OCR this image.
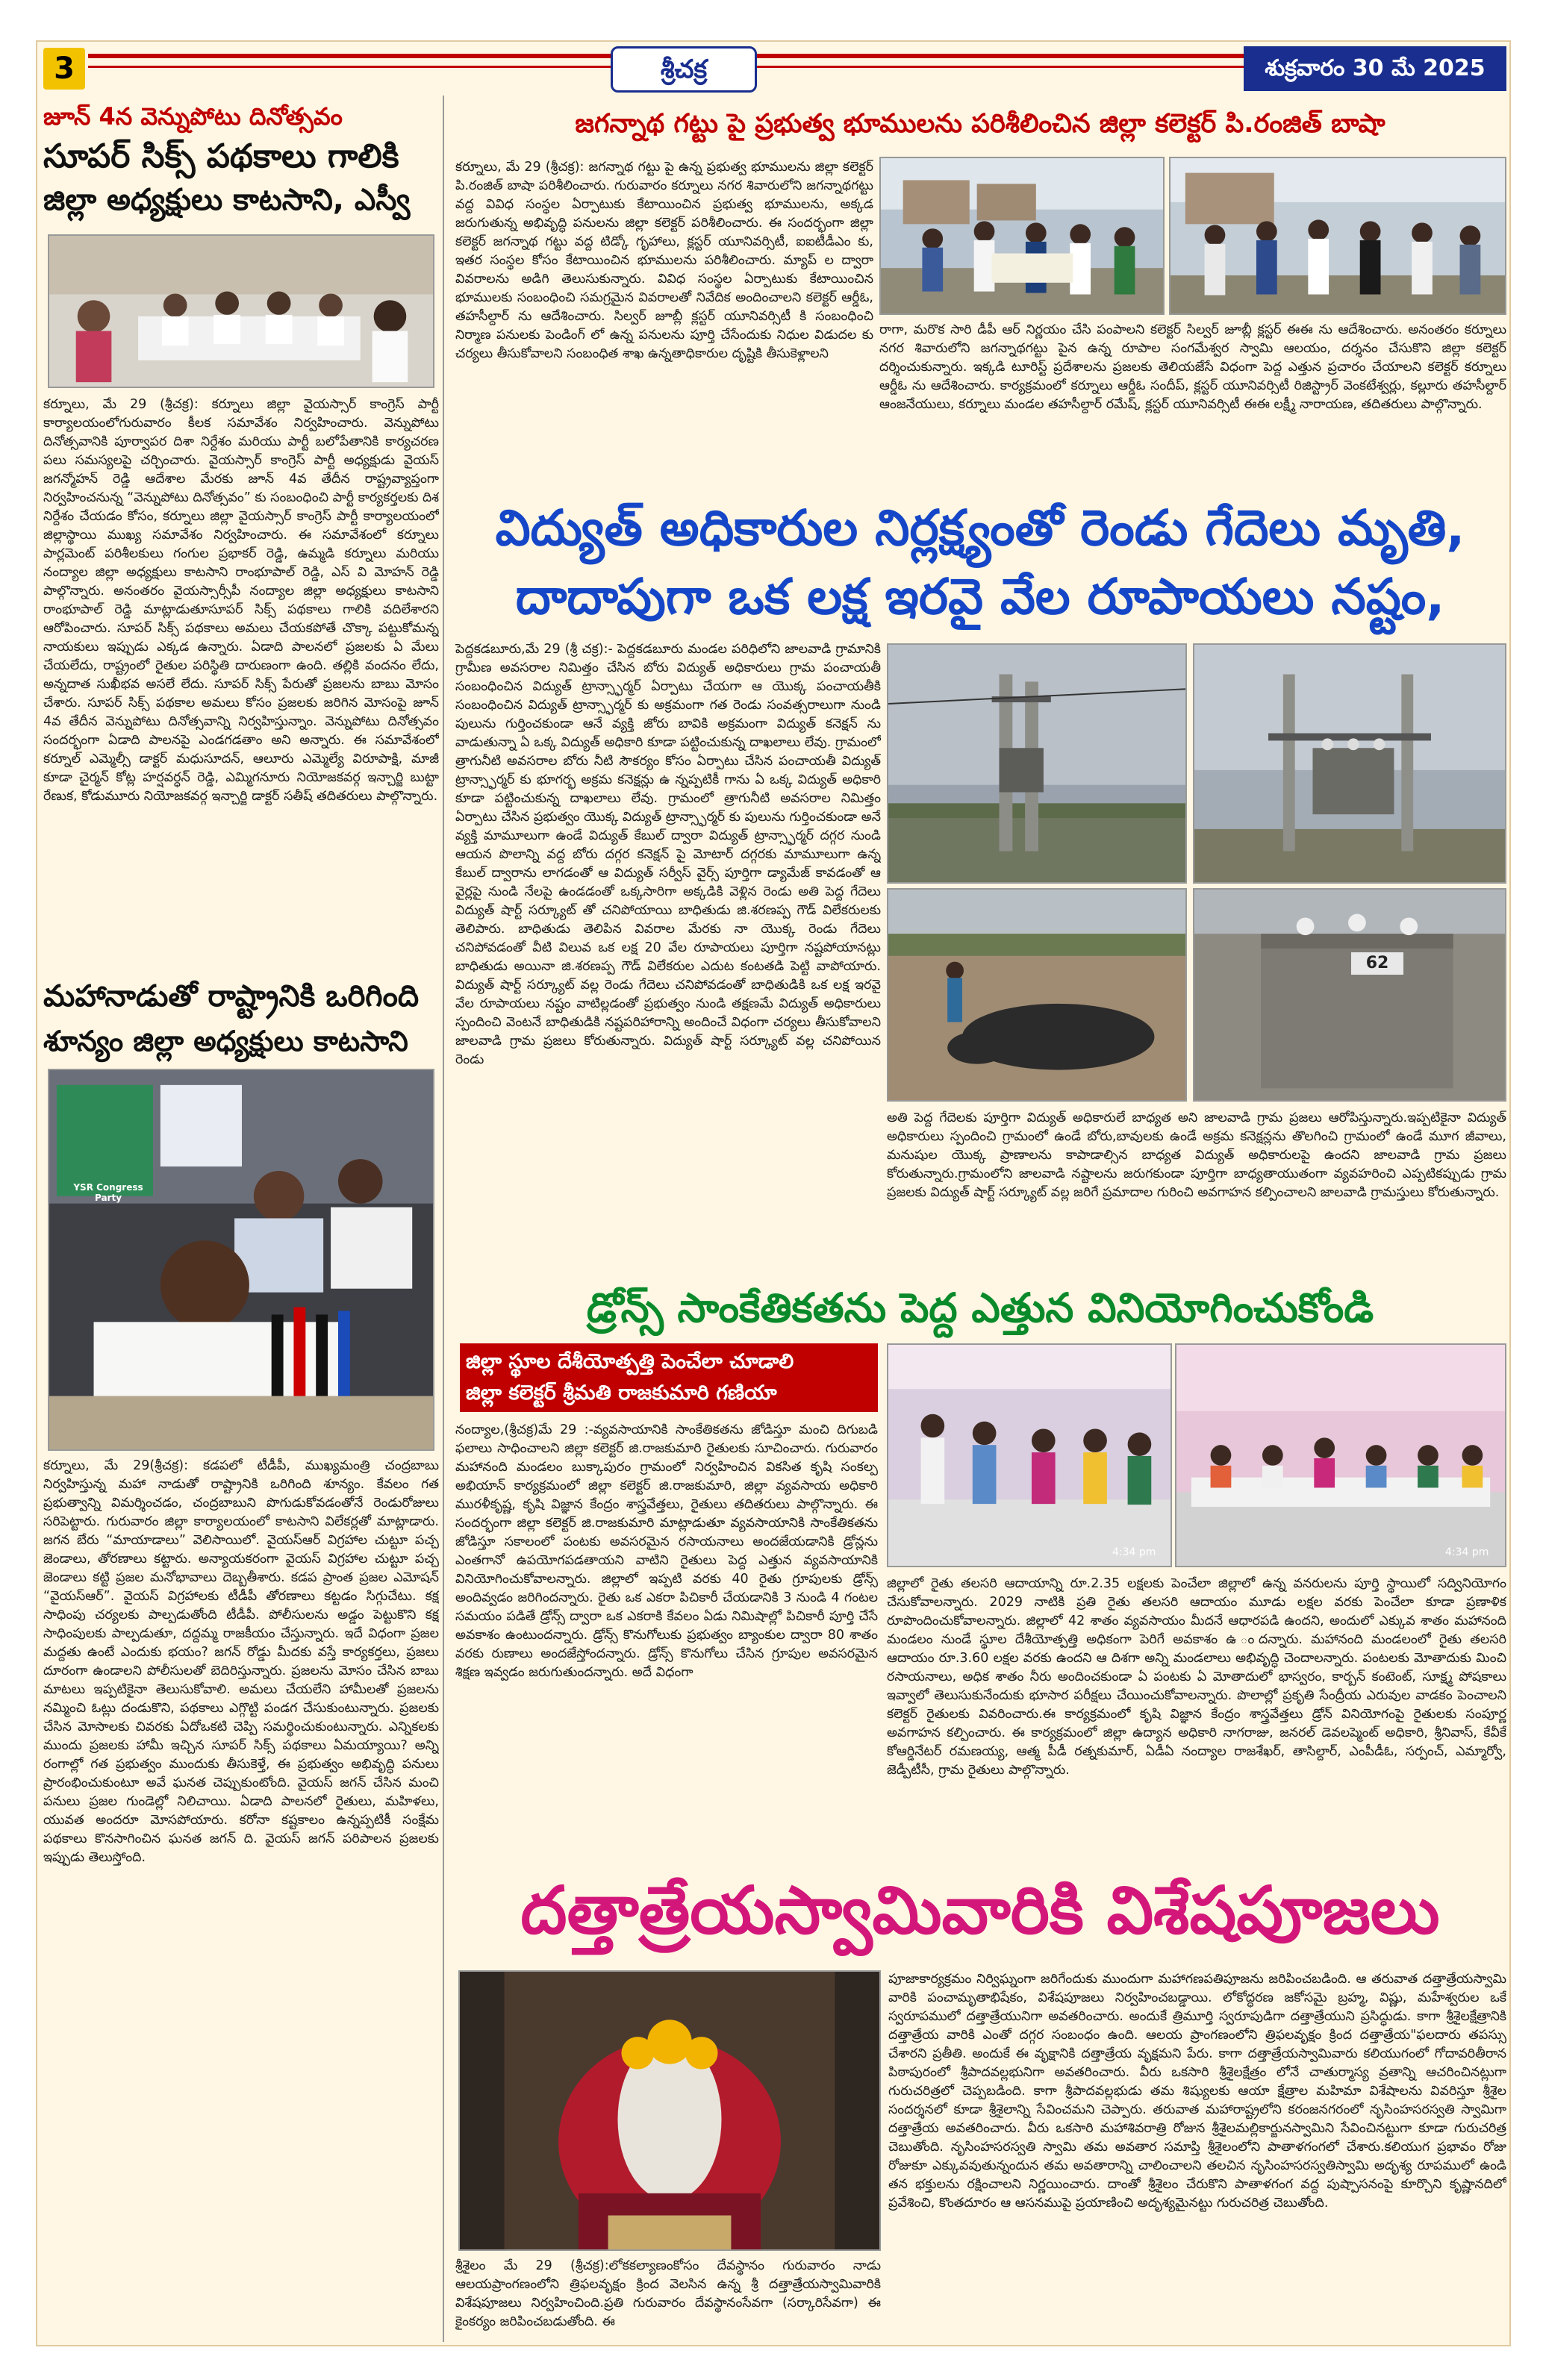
3	శ్రీచక్ర	శుక్రవారం 30 మే 2025
జూన్ 4న వెన్నుపోటు దినోత్సవం
సూపర్ సిక్స్ పథకాలు గాలికి
జిల్లా అధ్యక్షులు కాటసాని, ఎస్వీ
కర్నూలు, మే 29 (శ్రీచక్ర): కర్నూలు జిల్లా వైయస్సార్ కాంగ్రెస్ పార్టీ కార్యాలయంలోగురువారం కీలక సమావేశం నిర్వహించారు. వెన్నుపోటు దినోత్సవానికి పూర్వాపర దిశా నిర్దేశం మరియు పార్టీ బలోపేతానికి కార్యచరణ పలు సమస్యలపై చర్చించారు. వైయస్సార్ కాంగ్రెస్ పార్టీ అధ్యక్షుడు వైయస్ జగన్మోహన్ రెడ్డి ఆదేశాల మేరకు జూన్ 4వ తేదీన రాష్ట్రవ్యాప్తంగా నిర్వహించనున్న “వెన్నుపోటు దినోత్సవం” కు సంబంధించి పార్టీ కార్యకర్తలకు దిశ నిర్దేశం చేయడం కోసం, కర్నూలు జిల్లా వైయస్సార్ కాంగ్రెస్ పార్టీ కార్యాలయంలో జిల్లాస్థాయి ముఖ్య సమావేశం నిర్వహించారు. ఈ సమావేశంలో కర్నూలు పార్లమెంట్ పరిశీలకులు గంగుల ప్రభాకర్ రెడ్డి, ఉమ్మడి కర్నూలు మరియు నంద్యాల జిల్లా అధ్యక్షులు కాటసాని రాంభూపాల్ రెడ్డి, ఎస్ వి మోహన్ రెడ్డి పాల్గొన్నారు. అనంతరం వైయస్సార్సీపీ నంద్యాల జిల్లా అధ్యక్షులు కాటసాని రాంభూపాల్ రెడ్డి మాట్లాడుతూసూపర్ సిక్స్ పథకాలు గాలికి వదిలేశారని ఆరోపించారు. సూపర్ సిక్స్ పథకాలు అమలు చేయకపోతే చొక్కా పట్టుకోమన్న నాయకులు ఇప్పుడు ఎక్కడ ఉన్నారు. ఏడాది పాలనలో ప్రజలకు ఏ మేలు చేయలేదు, రాష్ట్రంలో రైతుల పరిస్థితి దారుణంగా ఉంది. తల్లికి వందనం లేదు, అన్నదాత సుఖీభవ అసలే లేదు. సూపర్ సిక్స్ పేరుతో ప్రజలను బాబు మోసం చేశారు. సూపర్ సిక్స్ పథకాల అమలు కోసం ప్రజలకు జరిగిన మోసంపై జూన్ 4వ తేదీన వెన్నుపోటు దినోత్సవాన్ని నిర్వహిస్తున్నాం. వెన్నుపోటు దినోత్సవం సందర్భంగా ఏడాది పాలనపై ఎండగడతాం అని అన్నారు. ఈ సమావేశంలో కర్నూల్ ఎమ్మెల్సీ డాక్టర్ మధుసూదన్, ఆలూరు ఎమ్మెల్యే విరూపాక్షి, మాజీ కూడా చైర్మన్ కోట్ల హర్షవర్ధన్ రెడ్డి, ఎమ్మిగనూరు నియోజకవర్గ ఇన్చార్జి బుట్టా రేణుక, కోడుమూరు నియోజకవర్గ ఇన్చార్జి డాక్టర్ సతీష్ తదితరులు పాల్గొన్నారు.
మహానాడుతో రాష్ట్రానికి ఒరిగింది
శూన్యం జిల్లా అధ్యక్షులు కాటసాని
YSR Congress Party
కర్నూలు, మే 29(శ్రీచక్ర): కడపలో టీడీపీ, ముఖ్యమంత్రి చంద్రబాబు నిర్వహిస్తున్న మహా నాడుతో రాష్ట్రానికి ఒరిగింది శూన్యం. కేవలం గత ప్రభుత్వాన్ని విమర్శించడం, చంద్రబాబుని పొగుడుకోవడంతోనే రెండురోజులు సరిపెట్టారు. గురువారం జిల్లా కార్యాలయంలో కాటసాని విలేకర్లతో మాట్లాడారు. జగన బేరు “మాయాడాలు” వెలిసాయిలో. వైయస్ఆర్ విగ్రహాల చుట్టూ పచ్చ జెండాలు, తోరణాలు కట్టారు. అన్యాయకరంగా వైయస్ విగ్రహాల చుట్టూ పచ్చ జెండాలు కట్టి ప్రజల మనోభావాలు దెబ్బతీశారు. కడప ప్రాంత ప్రజల ఎమోషన్ “వైయస్ఆర్”. వైయస్ విగ్రహాలకు టీడీపీ తోరణాలు కట్టడం సిగ్గుచేటు. కక్ష సాధింపు చర్యలకు పాల్పడుతోంది టీడీపీ. పోలీసులను అడ్డం పెట్టుకొని కక్ష సాధింపులకు పాల్పడుతూ, దద్దమ్మ రాజకీయం చేస్తున్నారు. ఇదే విధంగా ప్రజల మద్దతు ఉంటే ఎందుకు భయం? జగన్ రోడ్డు మీదకు వస్తే కార్యకర్తలు, ప్రజలు దూరంగా ఉండాలని పోలీసులతో బెదిరిస్తున్నారు. ప్రజలను మోసం చేసిన బాబు మాటలు ఇప్పటికైనా తెలుసుకోవాలి. అమలు చేయలేని హామీలతో ప్రజలను నమ్మించి ఓట్లు దండుకొని, పథకాలు ఎగ్గొట్టి పండగ చేసుకుంటున్నారు. ప్రజలకు చేసిన మోసాలకు చివరకు ఏదోఒకటి చెప్పి సమర్థించుకుంటున్నారు. ఎన్నికలకు ముందు ప్రజలకు హామీ ఇచ్చిన సూపర్ సిక్స్ పథకాలు ఏమయ్యాయి? అన్ని రంగాల్లో గత ప్రభుత్వం ముందుకు తీసుకెళ్తే, ఈ ప్రభుత్వం అభివృద్ధి పనులు ప్రారంభించుకుంటూ అవే ఘనత చెప్పుకుంటోంది. వైయస్ జగన్ చేసిన మంచి పనులు ప్రజల గుండెల్లో నిలిచాయి. ఏడాది పాలనలో రైతులు, మహిళలు, యువత అందరూ మోసపోయారు. కరోనా కష్టకాలం ఉన్నప్పటికీ సంక్షేమ పథకాలు కొనసాగించిన ఘనత జగన్ ది. వైయస్ జగన్ పరిపాలన ప్రజలకు ఇప్పుడు తెలుస్తోంది.
జగన్నాథ గట్టు పై ప్రభుత్వ భూములను పరిశీలించిన జిల్లా కలెక్టర్ పి.రంజిత్ బాషా
కర్నూలు, మే 29 (శ్రీచక్ర): జగన్నాథ గట్టు పై ఉన్న ప్రభుత్వ భూములను జిల్లా కలెక్టర్ పి.రంజిత్ బాషా పరిశీలించారు. గురువారం కర్నూలు నగర శివారులోని జగన్నాథగట్టు వద్ద వివిధ సంస్థల ఏర్పాటుకు కేటాయించిన ప్రభుత్వ భూములను, అక్కడ జరుగుతున్న అభివృద్ధి పనులను జిల్లా కలెక్టర్ పరిశీలించారు. ఈ సందర్భంగా జిల్లా కలెక్టర్ జగన్నాథ గట్టు వద్ద టిడ్కో గృహాలు, క్లస్టర్ యూనివర్సిటీ, ఐఐటీడీఎం కు, ఇతర సంస్థల కోసం కేటాయించిన భూములను పరిశీలించారు. మ్యాప్ ల ద్వారా వివరాలను అడిగి తెలుసుకున్నారు. వివిధ సంస్థల ఏర్పాటుకు కేటాయించిన భూములకు సంబంధించి సమగ్రమైన వివరాలతో నివేదిక అందించాలని కలెక్టర్ ఆర్డీఓ, తహసీల్దార్ ను ఆదేశించారు. సిల్వర్ జూబ్లీ క్లస్టర్ యూనివర్సిటీ కి సంబంధించి నిర్మాణ పనులకు పెండింగ్ లో ఉన్న పనులను పూర్తి చేసేందుకు నిధుల విడుదల కు చర్యలు తీసుకోవాలని సంబంధిత శాఖ ఉన్నతాధికారుల దృష్టికి తీసుకెళ్లాలని
రాగా, మరొక సారి డీపీ ఆర్ నిర్ణయం చేసి పంపాలని కలెక్టర్ సిల్వర్ జూబ్లీ క్లస్టర్ ఈఈ ను ఆదేశించారు. అనంతరం కర్నూలు నగర శివారులోని జగన్నాథగట్టు పైన ఉన్న రూపాల సంగమేశ్వర స్వామి ఆలయం, దర్శనం చేసుకొని జిల్లా కలెక్టర్ దర్శించుకున్నారు. ఇక్కడి టూరిస్ట్ ప్రదేశాలను ప్రజలకు తెలియజేసే విధంగా పెద్ద ఎత్తున ప్రచారం చేయాలని కలెక్టర్ కర్నూలు ఆర్డీఓ ను ఆదేశించారు. కార్యక్రమంలో కర్నూలు ఆర్డీఓ సందీప్, క్లస్టర్ యూనివర్సిటీ రిజిస్ట్రార్ వెంకటేశ్వర్లు, కల్లూరు తహసీల్దార్ ఆంజనేయులు, కర్నూలు మండల తహసీల్దార్ రమేష్, క్లస్టర్ యూనివర్సిటీ ఈఈ లక్ష్మీ నారాయణ, తదితరులు పాల్గొన్నారు.
విద్యుత్ అధికారుల నిర్లక్ష్యంతో రెండు గేదెలు మృతి,
దాదాపుగా ఒక లక్ష ఇరవై వేల రూపాయలు నష్టం,
పెద్దకడబూరు,మే 29 (శ్రీ చక్ర):- పెద్దకడబూరు మండల పరిధిలోని జాలవాడి గ్రామానికి గ్రామీణ అవసరాల నిమిత్తం చేసిన బోరు విద్యుత్ అధికారులు గ్రామ పంచాయతీ సంబంధించిన విద్యుత్ ట్రాన్స్ఫార్మర్ ఏర్పాటు చేయగా ఆ యొక్క పంచాయతీకి సంబంధించిన విద్యుత్ ట్రాన్స్ఫార్మర్ కు అక్రమంగా గత రెండు సంవత్సరాలుగా నుండి పులును గుర్తించకుండా ఆనే వ్యక్తి జోరు బావికి అక్రమంగా విద్యుత్ కనెక్షన్ ను వాడుతున్నా ఏ ఒక్క విద్యుత్ అధికారి కూడా పట్టించుకున్న దాఖలాలు లేవు. గ్రామంలో త్రాగునీటి అవసరాల బోరు నీటి సౌకర్యం కోసం ఏర్పాటు చేసిన పంచాయతీ విద్యుత్ ట్రాన్స్ఫార్మర్ కు భూగర్భ అక్రమ కనెక్షన్లు ఉ న్నప్పటికీ గాను ఏ ఒక్క విద్యుత్ అధికారి కూడా పట్టించుకున్న దాఖలాలు లేవు. గ్రామంలో త్రాగునీటి అవసరాల నిమిత్తం ఏర్పాటు చేసిన ప్రభుత్వం యొక్క విద్యుత్ ట్రాన్స్ఫార్మర్ కు పులును గుర్తించకుండా అనే వ్యక్తి మామూలుగా ఉండే విద్యుత్ కేబుల్ ద్వారా విద్యుత్ ట్రాన్స్ఫార్మర్ దగ్గర నుండి ఆయన పొలాన్ని వద్ద బోరు దగ్గర కనెక్షన్ పై మోటార్ దగ్గరకు మామూలుగా ఉన్న కేబుల్ ద్వారాను లాగడంతో ఆ విద్యుత్ సర్వీస్ వైర్స్ పూర్తిగా డ్యామేజ్ కావడంతో ఆ వైర్లపై నుండి నేలపై ఉండడంతో ఒక్కసారిగా అక్కడికి వెళ్లిన రెండు అతి పెద్ద గేదెలు విద్యుత్ షార్ట్ సర్క్యూట్ తో చనిపోయాయి బాధితుడు జి.శరణప్ప గౌడ్ విలేకరులకు తెలిపారు. బాధితుడు తెలిపిన వివరాల మేరకు నా యొక్క రెండు గేదెలు చనిపోవడంతో వీటి విలువ ఒక లక్ష 20 వేల రూపాయలు పూర్తిగా నష్టపోయానట్లు బాధితుడు అయినా జి.శరణప్ప గౌడ్ విలేకరుల ఎదుట కంటతడి పెట్టి వాపోయారు. విద్యుత్ షార్ట్ సర్క్యూట్ వల్ల రెండు గేదెలు చనిపోవడంతో బాధితుడికి ఒక లక్ష ఇరవై వేల రూపాయలు నష్టం వాటిల్లడంతో ప్రభుత్వం నుండి తక్షణమే విద్యుత్ అధికారులు స్పందించి వెంటనే బాధితుడికి నష్టపరిహారాన్ని అందించే విధంగా చర్యలు తీసుకోవాలని జాలవాడి గ్రామ ప్రజలు కోరుతున్నారు. విద్యుత్ షార్ట్ సర్క్యూట్ వల్ల చనిపోయిన రెండు
62
అతి పెద్ద గేదెలకు పూర్తిగా విద్యుత్ అధికారులే బాధ్యత అని జాలవాడి గ్రామ ప్రజలు ఆరోపిస్తున్నారు.ఇప్పటికైనా విద్యుత్ అధికారులు స్పందించి గ్రామంలో ఉండే బోరు,బావులకు ఉండే అక్రమ కనెక్షన్లను తొలగించి గ్రామంలో ఉండే మూగ జీవాలు, మనుషుల యొక్క ప్రాణాలను కాపాడాల్సిన బాధ్యత విద్యుత్ అధికారులపై ఉందని జాలవాడి గ్రామ ప్రజలు కోరుతున్నారు.గ్రామంలోని జాలవాడి నష్టాలను జరుగకుండా పూర్తిగా బాధ్యతాయుతంగా వ్యవహరించి ఎప్పటికప్పుడు గ్రామ ప్రజలకు విద్యుత్ షార్ట్ సర్క్యూట్ వల్ల జరిగే ప్రమాదాల గురించి అవగాహన కల్పించాలని జాలవాడి గ్రామస్తులు కోరుతున్నారు.
డ్రోన్స్ సాంకేతికతను పెద్ద ఎత్తున వినియోగించుకోండి
జిల్లా స్థూల దేశీయోత్పత్తి పెంచేలా చూడాలి
జిల్లా కలెక్టర్ శ్రీమతి రాజకుమారి గణియా
నంద్యాల,(శ్రీచక్ర)మే 29 :-వ్యవసాయానికి సాంకేతికతను జోడిస్తూ మంచి దిగుబడి ఫలాలు సాధించాలని జిల్లా కలెక్టర్ జి.రాజకుమారి రైతులకు సూచించారు. గురువారం మహానంది మండలం బుక్కాపురం గ్రామంలో నిర్వహించిన వికసిత కృషి సంకల్ప అభియాన్ కార్యక్రమంలో జిల్లా కలెక్టర్ జి.రాజకుమారి, జిల్లా వ్యవసాయ అధికారి మురళీకృష్ణ, కృషి విజ్ఞాన కేంద్రం శాస్త్రవేత్తలు, రైతులు తదితరులు పాల్గొన్నారు. ఈ సందర్భంగా జిల్లా కలెక్టర్ జి.రాజకుమారి మాట్లాడుతూ వ్యవసాయానికి సాంకేతికతను జోడిస్తూ సకాలంలో పంటకు అవసరమైన రసాయనాలు అందజేయడానికి డ్రోన్లను ఎంతగానో ఉపయోగపడతాయని వాటిని రైతులు పెద్ద ఎత్తున వ్యవసాయానికి వినియోగించుకోవాలన్నారు. జిల్లాలో ఇప్పటి వరకు 40 రైతు గ్రూపులకు డ్రోన్స్ అందివ్వడం జరిగిందన్నారు. రైతు ఒక ఎకరా పిచికారీ చేయడానికి 3 నుండి 4 గంటల సమయం పడితే డ్రోన్స్ ద్వారా ఒక ఎకరాకి కేవలం ఏడు నిమిషాల్లో పిచికారీ పూర్తి చేసే అవకాశం ఉంటుందన్నారు. డ్రోన్స్ కొనుగోలుకు ప్రభుత్వం బ్యాంకుల ద్వారా 80 శాతం వరకు రుణాలు అందజేస్తోందన్నారు. డ్రోన్స్ కొనుగోలు చేసిన గ్రూపుల అవసరమైన శిక్షణ ఇవ్వడం జరుగుతుందన్నారు. అదే విధంగా
4:34 pm	4:34 pm
జిల్లాలో రైతు తలసరి ఆదాయాన్ని రూ.2.35 లక్షలకు పెంచేలా జిల్లాలో ఉన్న వనరులను పూర్తి స్థాయిలో సద్వినియోగం చేసుకోవాలన్నారు. 2029 నాటికి ప్రతి రైతు తలసరి ఆదాయం మూడు లక్షల వరకు పెంచేలా కూడా ప్రణాళిక రూపొందించుకోవాలన్నారు. జిల్లాలో 42 శాతం వ్యవసాయం మీదనే ఆధారపడి ఉందని, అందులో ఎక్కువ శాతం మహానంది మండలం నుండే స్థూల దేశీయోత్పత్తి అధికంగా పెరిగే అవకాశం ఉ ందన్నారు. మహానంది మండలంలో రైతు తలసరి ఆదాయం రూ.3.60 లక్షల వరకు ఉందని ఆ దిశగా అన్ని మండలాలు అభివృద్ధి చెందాలన్నారు. పంటలకు మోతాదుకు మించి రసాయనాలు, అధిక శాతం నీరు అందించకుండా ఏ పంటకు ఏ మోతాదులో భాస్వరం, కార్బన్ కంటెంట్, సూక్ష్మ పోషకాలు ఇవ్వాలో తెలుసుకునేందుకు భూసార పరీక్షలు చేయించుకోవాలన్నారు. పొలాల్లో ప్రకృతి సేంద్రీయ ఎరువుల వాడకం పెంచాలని కలెక్టర్ రైతులకు వివరించారు.ఈ కార్యక్రమంలో కృషి విజ్ఞాన కేంద్రం శాస్త్రవేత్తలు డ్రోన్ వినియోగంపై రైతులకు సంపూర్ణ అవగాహన కల్పించారు. ఈ కార్యక్రమంలో జిల్లా ఉద్యాన అధికారి నాగరాజు, జనరల్ డెవలప్మెంట్ అధికారి, శ్రీనివాస్, కేవీకే కోఆర్డినేటర్ రమణయ్య, ఆత్మ పీడీ రత్నకుమార్, ఏడీఏ నంద్యాల రాజశేఖర్, తాసిల్దార్, ఎంపీడీఓ, సర్పంచ్, ఎమ్మార్వో, జెడ్పీటీసీ, గ్రామ రైతులు పాల్గొన్నారు.
దత్తాత్రేయస్వామివారికి విశేషపూజలు
శ్రీశైలం మే 29 (శ్రీచక్ర):లోకకల్యాణంకోసం దేవస్థానం గురువారం నాడు ఆలయప్రాంగణంలోని త్రిఫలవృక్షం క్రింద వెలసిన ఉన్న శ్రీ దత్తాత్రేయస్వామివారికి విశేషపూజలు నిర్వహించింది.ప్రతి గురువారం దేవస్థానంసేవగా (సర్కారిసేవగా) ఈ కైంకర్యం జరిపించబడుతోంది. ఈ
పూజాకార్యక్రమం నిర్విఘ్నంగా జరిగేందుకు ముందుగా మహాగణపతిపూజను జరిపించబడింది. ఆ తరువాత దత్తాత్రేయస్వామి వారికి పంచామృతాభిషేకం, విశేషపూజలు నిర్వహించబడ్డాయి. లోకోద్ధరణ జకోసమై బ్రహ్మ, విష్ణు, మహేశ్వరుల ఒకే స్వరూపములో దత్తాత్రేయునిగా అవతరించారు. అందుకే త్రిమూర్తి స్వరూపుడిగా దత్తాత్రేయుని ప్రసిద్ధుడు. కాగా శ్రీశైలక్షేత్రానికి దత్తాత్రేయ వారికి ఎంతో దగ్గర సంబంధం ఉంది. ఆలయ ప్రాంగణంలోని త్రిఫలవృక్షం క్రింద దత్తాత్రేయ"ఫలదారు తపస్సు చేశారని ప్రతీతి. అందుకే ఈ వృక్షానికి దత్తాత్రేయ వృక్షమని పేరు. కాగా దత్తాత్రేయస్వామివారు కలియుగంలో గోదావరితీరాన పిఠాపురంలో శ్రీపాదవల్లభునిగా అవతరించారు. వీరు ఒకసారి శ్రీశైలక్షేత్రం లోనే చాతుర్మాస్య వ్రతాన్ని ఆచరించినట్లుగా గురుచరిత్రలో చెప్పబడింది. కాగా శ్రీపాదవల్లభుడు తమ శిష్యులకు ఆయా క్షేత్రాల మహిమా విశేషాలను వివరిస్తూ శ్రీశైల సందర్శనలో కూడా శ్రీశైలాన్ని సేవించమని చెప్పారు. తరువాత మహారాష్ట్రలోని కరంజనగరంలో నృసింహసరస్వతి స్వామిగా దత్తాత్రేయ అవతరించారు. వీరు ఒకసారి మహాశివరాత్రి రోజున శ్రీశైలమల్లికార్జునస్వామిని సేవించినట్టుగా కూడా గురుచరిత్ర చెబుతోంది. నృసింహసరస్వతి స్వామి తమ అవతార సమాప్తి శ్రీశైలంలోని పాతాళగంగలో చేశారు.కలియుగ ప్రభావం రోజు రోజుకూ ఎక్కువవుతున్నందున తమ అవతారాన్ని చాలించాలని తలచిన నృసింహసరస్వతిస్వామి అదృశ్య రూపములో ఉండి తన భక్తులను రక్షించాలని నిర్ణయించారు. దాంతో శ్రీశైలం చేరుకొని పాతాళగంగ వద్ద పుష్పాసనంపై కూర్చొని కృష్ణానదిలో ప్రవేశించి, కొంతదూరం ఆ ఆసనముపై ప్రయాణించి అదృశ్యమైనట్టు గురుచరిత్ర చెబుతోంది.
